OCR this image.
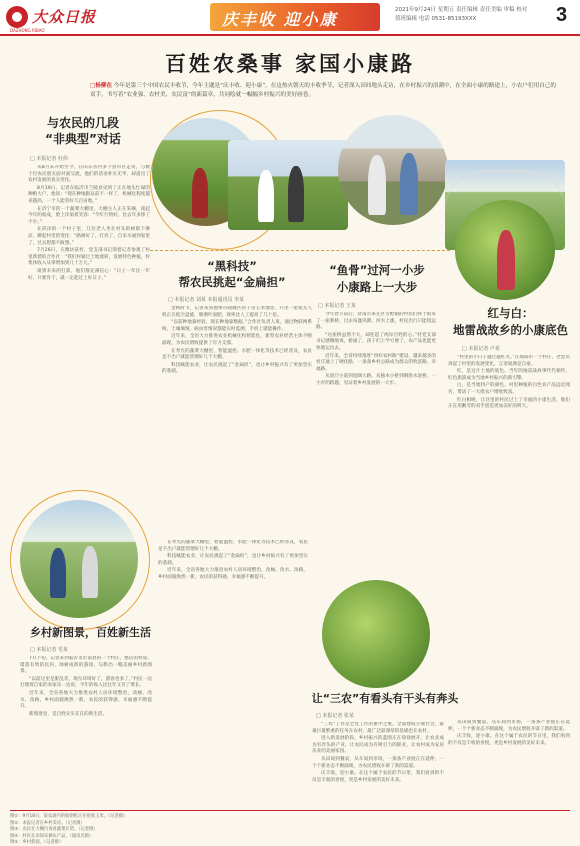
大众日报
DAZHONG RIBAO
庆丰收 迎小康	2021年9月24日 星期五 责任编辑 责任美编 审稿 校对
值班编辑 电话 0531-85193XXX	3
百姓农桑事 家国小康路
□杨柳在 今年是第三个中国农民丰收节，今年主题是“庆丰收、迎小康”。在这热火朝天的丰收季节，记者深入田间地头走访，在乡村振兴的浪潮中，在全面小康的路途上，小农户们用自己的双手，书写着“农业强、农村美、农民富”的新篇章，共同绘就一幅幅乡村振兴的美好画卷。
与农民的几段
“非典型”对话
□ 本报记者 杜伟

从8月末开始至今，在山东省内多个县市区走访，与数十位农民朋友面对面交流，他们的话语朴实无华，却道出了农村发展的真实变化。

8月19日，记者在临沂市兰陵县见到了正在地头忙碌的种粮大户，他说：“现在种地跟以前不一样了，机械化程度越来越高，一个人能管好几百亩地。”

在济宁市的一个蔬菜大棚里，大棚主人正在采摘，谈起今年的收成，脸上洋溢着笑容：“今年行情好，比去年多挣了不少。”

在菏泽的一个村子里，几位老人坐在村头的树荫下乘凉，聊起村里的变化：“路修好了，灯亮了，自来水通到家里了，过去想都不敢想。”

7月26日，在潍坊某村，党支部书记领着记者参观了村里新建的合作社：“我们村通过土地流转，发展特色种植，村集体收入从零增加到几十万元。”

谈到未来的打算，他们都充满信心：“日子一年比一年好，只要肯干，就一定能过上好日子。”

“黑科技”
帮农民挑起“金扁担”
□ 本报记者 刘某 本报通讯员 李某

金秋时节，记者来到德州市陵城区的千亩玉米地里，只见一架架无人机正在低空盘旋，喷洒叶面肥，效率比人工提高了几十倍。

“以前种地靠经验，现在种地靠数据。”合作社负责人说，通过物联网系统，土壤墒情、病虫害情况都能实时监测，手机上就能操作。

近年来，全省大力推进农业机械化和智能化，新型农业经营主体不断涌现，为农民增收提供了有力支撑。

在寿光的蔬菜大棚里，智能温控、水肥一体化等技术已经普及，农民足不出户就能管理好几个大棚。

科技赋能农业，让农民挑起了“金扁担”，也让乡村振兴有了更加坚实的基础。

“鱼骨”过河一小步
小康路上一大步
□ 本报记者 王某

今年春节前后，济南市莱芜区雪野镇的村民们终于盼来了一座新桥，过去每逢汛期，河水上涨，村民出行只能绕远路。

“这座桥虽然不大，却连起了两岸百姓的心。”村党支部书记感慨地说，桥通了，孩子们上学方便了，农产品也能更快地运出去。

近年来，全省持续推进“四好农村路”建设，越来越多的村庄通上了硬化路，一条条乡村公路成为群众的致富路、幸福路。

从泥泞小道到宽阔大路，从独木小桥到钢筋水泥桥，一小步的跨越，见证着乡村发展的一大步。

红与白：
地雷战故乡的小康底色
□ 本报记者 卢某

“村里的小日子越过越红火。”在海阳市一个村庄，老党员讲起了村里的发展变化，言语间满是自豪。

红，是这片土地的底色。当年的地雷战故事代代相传，红色旅游成为当地乡村振兴的新引擎。

白，是当地特产的颜色。村里种植的白色农产品远近闻名，带动了一大批农户增收致富。

红白相映，让这里的村民过上了幸福的小康生活，他们正在用勤劳的双手创造更加美好的明天。

乡村新图景，百姓新生活
□ 本报记者 毛某

7月下旬，记者来到临沂市沂南县的一个村庄，整洁的村道、错落有致的民居、绿树成荫的游园，勾勒出一幅美丽乡村新图景。

“以前这里是脏乱差，现在环境好了，游客也多了。”村民一边打理着自家的农家乐一边说，今年的收入比往年又有了增长。

近年来，全省各地大力推进农村人居环境整治，改厕、改水、改路，乡村面貌焕然一新，农民的获得感、幸福感不断提升。

新图景里，是百姓实实在在的新生活。

在寿光的蔬菜大棚里，智能温控、水肥一体化等技术已经普及，农民足不出户就能管理好几个大棚。

科技赋能农业，让农民挑起了“金扁担”，也让乡村振兴有了更加坚实的基础。

近年来，全省各地大力推进农村人居环境整治，改厕、改水、改路，乡村面貌焕然一新，农民的获得感、幸福感不断提升。

让“三农”有看头有干头有奔头
□ 本报记者 张某

“三农”工作是全党工作的重中之重。全面建成小康社会，最艰巨最繁重的任务在农村，最广泛最深厚的基础也在农村。

进入新发展阶段，乡村振兴的蓝图正在徐徐展开，让农业成为有奔头的产业，让农民成为有吸引力的职业，让农村成为安居乐业的美丽家园。

从田间到餐桌，从车间到市场，一条条产业链正在延伸，一个个新业态不断涌现，为农民增收开辟了新的渠道。

庆丰收，迎小康。在这个属于农民的节日里，我们看到的不仅是丰收的喜悦，更是乡村发展的美好未来。

从田间到餐桌，从车间到市场，一条条产业链正在延伸，一个个新业态不断涌现，为农民增收开辟了新的渠道。

庆丰收，迎小康。在这个属于农民的节日里，我们看到的不仅是丰收的喜悦，更是乡村发展的美好未来。

图①：9月18日，某农场内的收割机正在抢收玉米。（记者摄）
图②：本报记者在乡村采访。（记者摄）
图③：农民在大棚内查看蔬菜长势。（记者摄）
图④：村民在田间采摘农产品。（通讯员摄）
图⑤：乡村新貌。（记者摄）
